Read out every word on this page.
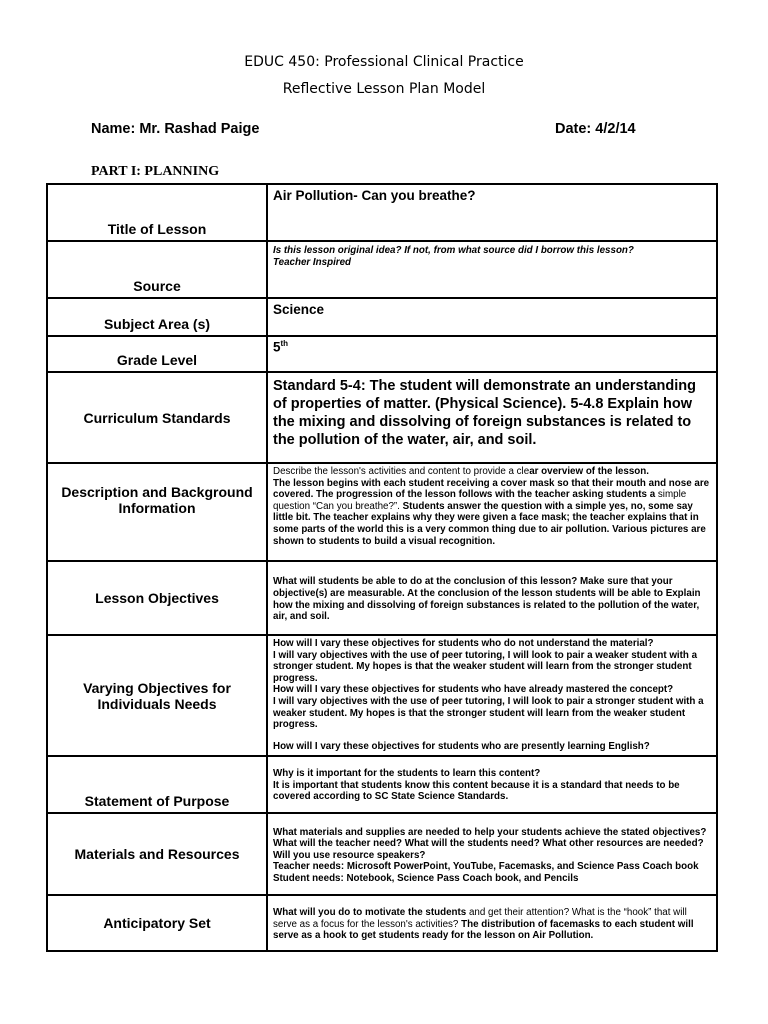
EDUC 450: Professional Clinical Practice
Reflective Lesson Plan Model
Name: Mr. Rashad Paige	Date: 4/2/14
PART I: PLANNING
Title of Lesson	Air Pollution- Can you breathe?
Source	Is this lesson original idea? If not, from what source did I borrow this lesson?
Teacher Inspired

Subject Area (s)	Science
Grade Level	5th
Curriculum Standards	Standard 5-4: The student will demonstrate an understanding of properties of matter. (Physical Science). 5-4.8 Explain how the mixing and dissolving of foreign substances is related to the pollution of the water, air, and soil.
Description and Background Information	Describe the lesson's activities and content to provide a clear overview of the lesson.
The lesson begins with each student receiving a cover mask so that their mouth and nose are covered. The progression of the lesson follows with the teacher asking students a simple question “Can you breathe?”. Students answer the question with a simple yes, no, some say little bit. The teacher explains why they were given a face mask; the teacher explains that in some parts of the world this is a very common thing due to air pollution. Various pictures are shown to students to build a visual recognition.
Lesson Objectives	What will students be able to do at the conclusion of this lesson? Make sure that your objective(s) are measurable. At the conclusion of the lesson students will be able to Explain how the mixing and dissolving of foreign substances is related to the pollution of the water, air, and soil.
Varying Objectives for Individuals Needs	How will I vary these objectives for students who do not understand the material?
I will vary objectives with the use of peer tutoring, I will look to pair a weaker student with a stronger student. My hopes is that the weaker student will learn from the stronger student progress.
How will I vary these objectives for students who have already mastered the concept?
I will vary objectives with the use of peer tutoring, I will look to pair a stronger student with a weaker student. My hopes is that the stronger student will learn from the weaker student progress.
How will I vary these objectives for students who are presently learning English?

Statement of Purpose	Why is it important for the students to learn this content?
It is important that students know this content because it is a standard that needs to be covered according to SC State Science Standards.

Materials and Resources	What materials and supplies are needed to help your students achieve the stated objectives? What will the teacher need? What will the students need? What other resources are needed? Will you use resource speakers?
Teacher needs: Microsoft PowerPoint, YouTube, Facemasks, and Science Pass Coach book
Student needs: Notebook, Science Pass Coach book, and Pencils

Anticipatory Set	What will you do to motivate the students and get their attention? What is the “hook” that will serve as a focus for the lesson's activities? The distribution of facemasks to each student will serve as a hook to get students ready for the lesson on Air Pollution.
